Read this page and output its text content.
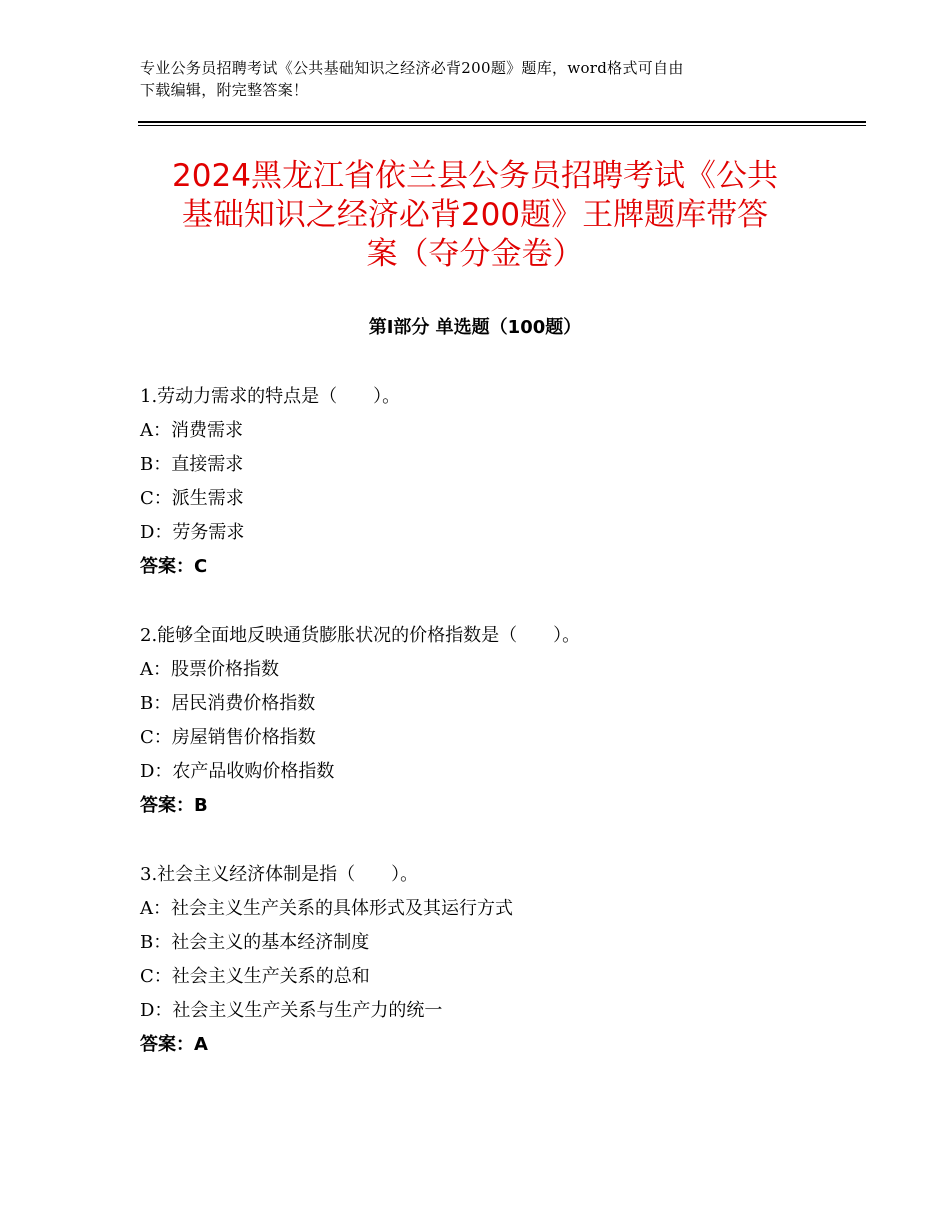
专业公务员招聘考试《公共基础知识之经济必背200题》题库，word格式可自由
下载编辑，附完整答案！
2024黑龙江省依兰县公务员招聘考试《公共
基础知识之经济必背200题》王牌题库带答
案（夺分金卷）
第Ⅰ部分 单选题（100题）
1.劳动力需求的特点是（　　）。
A：消费需求
B：直接需求
C：派生需求
D：劳务需求
答案：C
2.能够全面地反映通货膨胀状况的价格指数是（　　）。
A：股票价格指数
B：居民消费价格指数
C：房屋销售价格指数
D：农产品收购价格指数
答案：B
3.社会主义经济体制是指（　　）。
A：社会主义生产关系的具体形式及其运行方式
B：社会主义的基本经济制度
C：社会主义生产关系的总和
D：社会主义生产关系与生产力的统一
答案：A
